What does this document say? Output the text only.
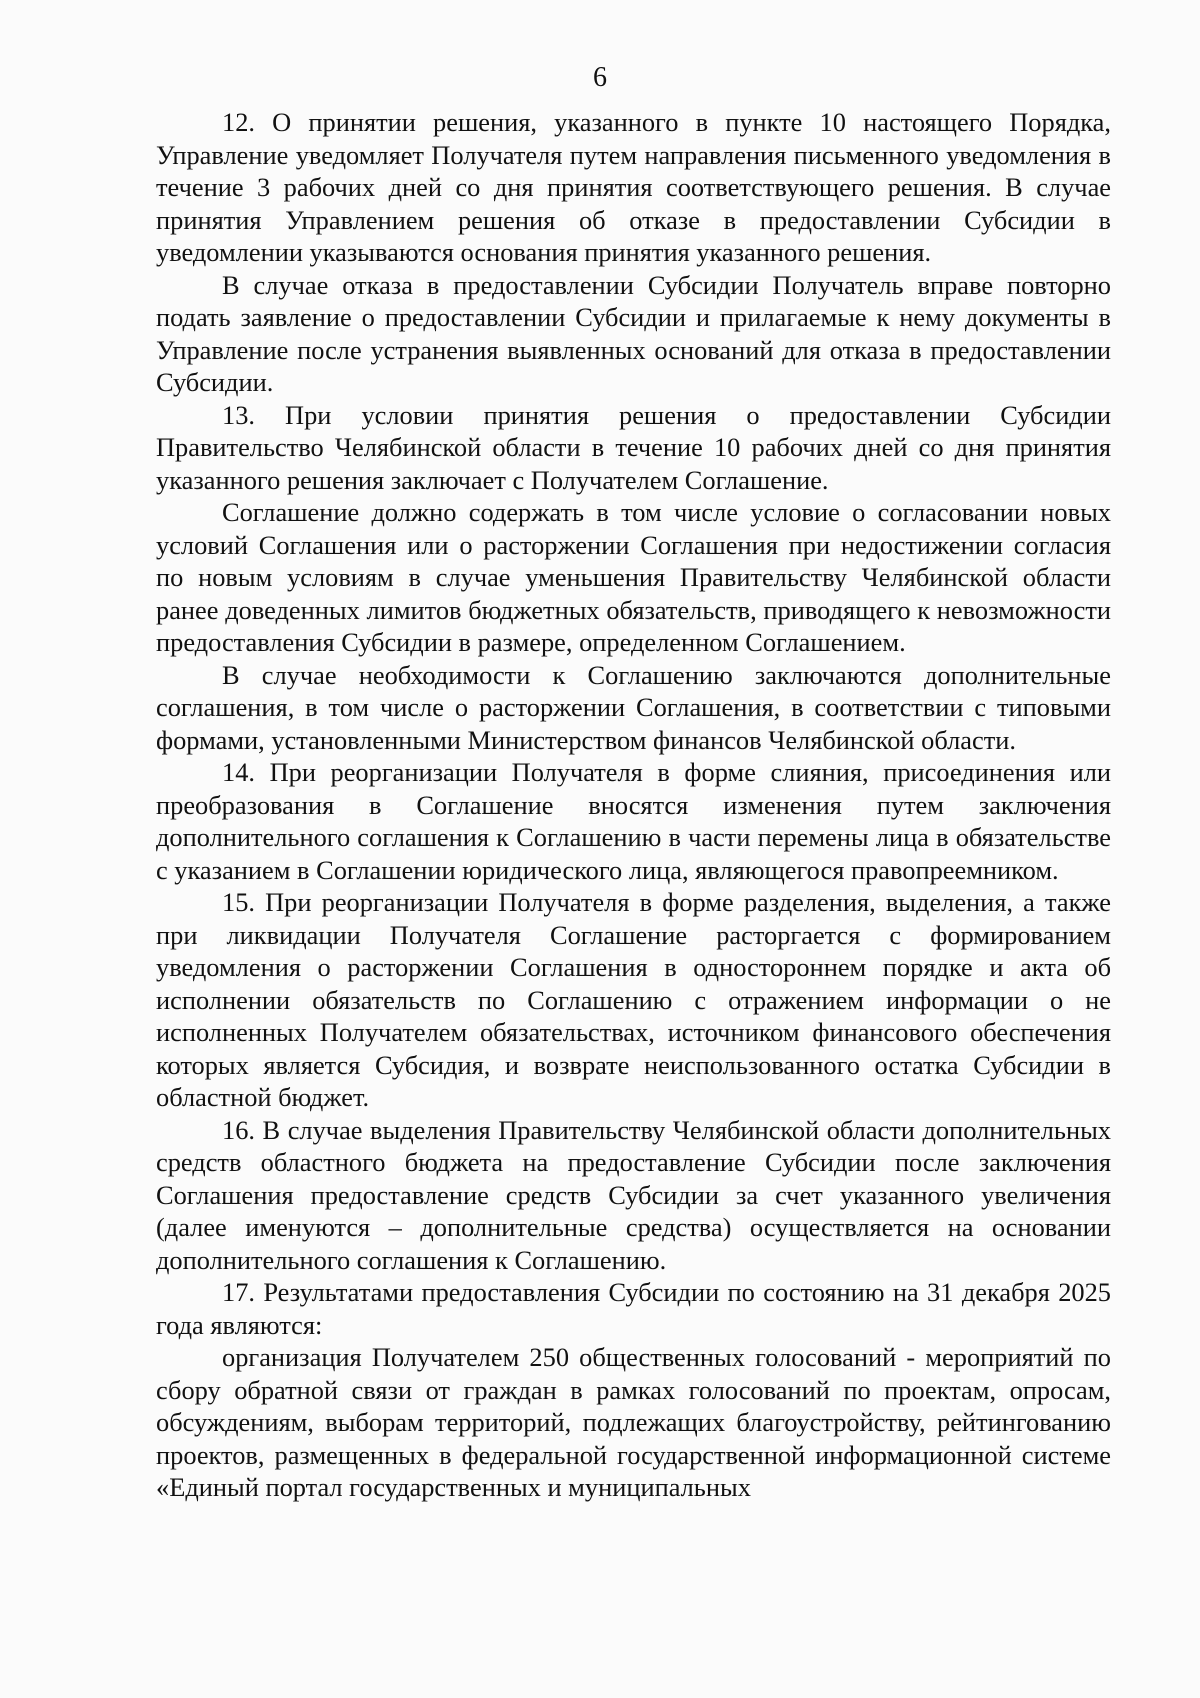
6

12. О принятии решения, указанного в пункте 10 настоящего Порядка, Управление уведомляет Получателя путем направления письменного уведомления в течение 3 рабочих дней со дня принятия соответствующего решения. В случае принятия Управлением решения об отказе в предоставлении Субсидии в уведомлении указываются основания принятия указанного решения.

В случае отказа в предоставлении Субсидии Получатель вправе повторно подать заявление о предоставлении Субсидии и прилагаемые к нему документы в Управление после устранения выявленных оснований для отказа в предоставлении Субсидии.

13. При условии принятия решения о предоставлении Субсидии Правительство Челябинской области в течение 10 рабочих дней со дня принятия указанного решения заключает с Получателем Соглашение.

Соглашение должно содержать в том числе условие о согласовании новых условий Соглашения или о расторжении Соглашения при недостижении согласия по новым условиям в случае уменьшения Правительству Челябинской области ранее доведенных лимитов бюджетных обязательств, приводящего к невозможности предоставления Субсидии в размере, определенном Соглашением.

В случае необходимости к Соглашению заключаются дополнительные соглашения, в том числе о расторжении Соглашения, в соответствии с типовыми формами, установленными Министерством финансов Челябинской области.

14. При реорганизации Получателя в форме слияния, присоединения или преобразования в Соглашение вносятся изменения путем заключения дополнительного соглашения к Соглашению в части перемены лица в обязательстве с указанием в Соглашении юридического лица, являющегося правопреемником.

15. При реорганизации Получателя в форме разделения, выделения, а также при ликвидации Получателя Соглашение расторгается с формированием уведомления о расторжении Соглашения в одностороннем порядке и акта об исполнении обязательств по Соглашению с отражением информации о не исполненных Получателем обязательствах, источником финансового обеспечения которых является Субсидия, и возврате неиспользованного остатка Субсидии в областной бюджет.

16. В случае выделения Правительству Челябинской области дополнительных средств областного бюджета на предоставление Субсидии после заключения Соглашения предоставление средств Субсидии за счет указанного увеличения (далее именуются – дополнительные средства) осуществляется на основании дополнительного соглашения к Соглашению.

17. Результатами предоставления Субсидии по состоянию на 31 декабря 2025 года являются:

организация Получателем 250 общественных голосований - мероприятий по сбору обратной связи от граждан в рамках голосований по проектам, опросам, обсуждениям, выборам территорий, подлежащих благоустройству, рейтингованию проектов, размещенных в федеральной государственной информационной системе «Единый портал государственных и муниципальных
